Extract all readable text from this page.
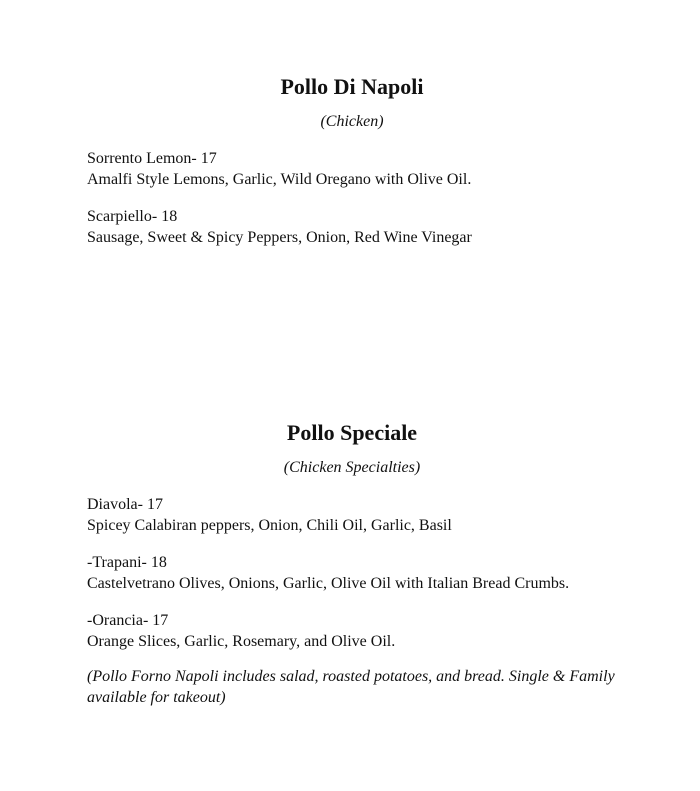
Pollo Di Napoli

(Chicken)

Sorrento Lemon- 17
Amalfi Style Lemons, Garlic, Wild Oregano with Olive Oil.
Scarpiello- 18
Sausage, Sweet & Spicy Peppers, Onion, Red Wine Vinegar
Pollo Speciale

(Chicken Specialties)

Diavola- 17
Spicey Calabiran peppers, Onion, Chili Oil, Garlic, Basil
-Trapani- 18
Castelvetrano Olives, Onions, Garlic, Olive Oil with Italian Bread Crumbs.
-Orancia- 17
Orange Slices, Garlic, Rosemary, and Olive Oil.
(Pollo Forno Napoli includes salad, roasted potatoes, and bread. Single & Family available for takeout)
